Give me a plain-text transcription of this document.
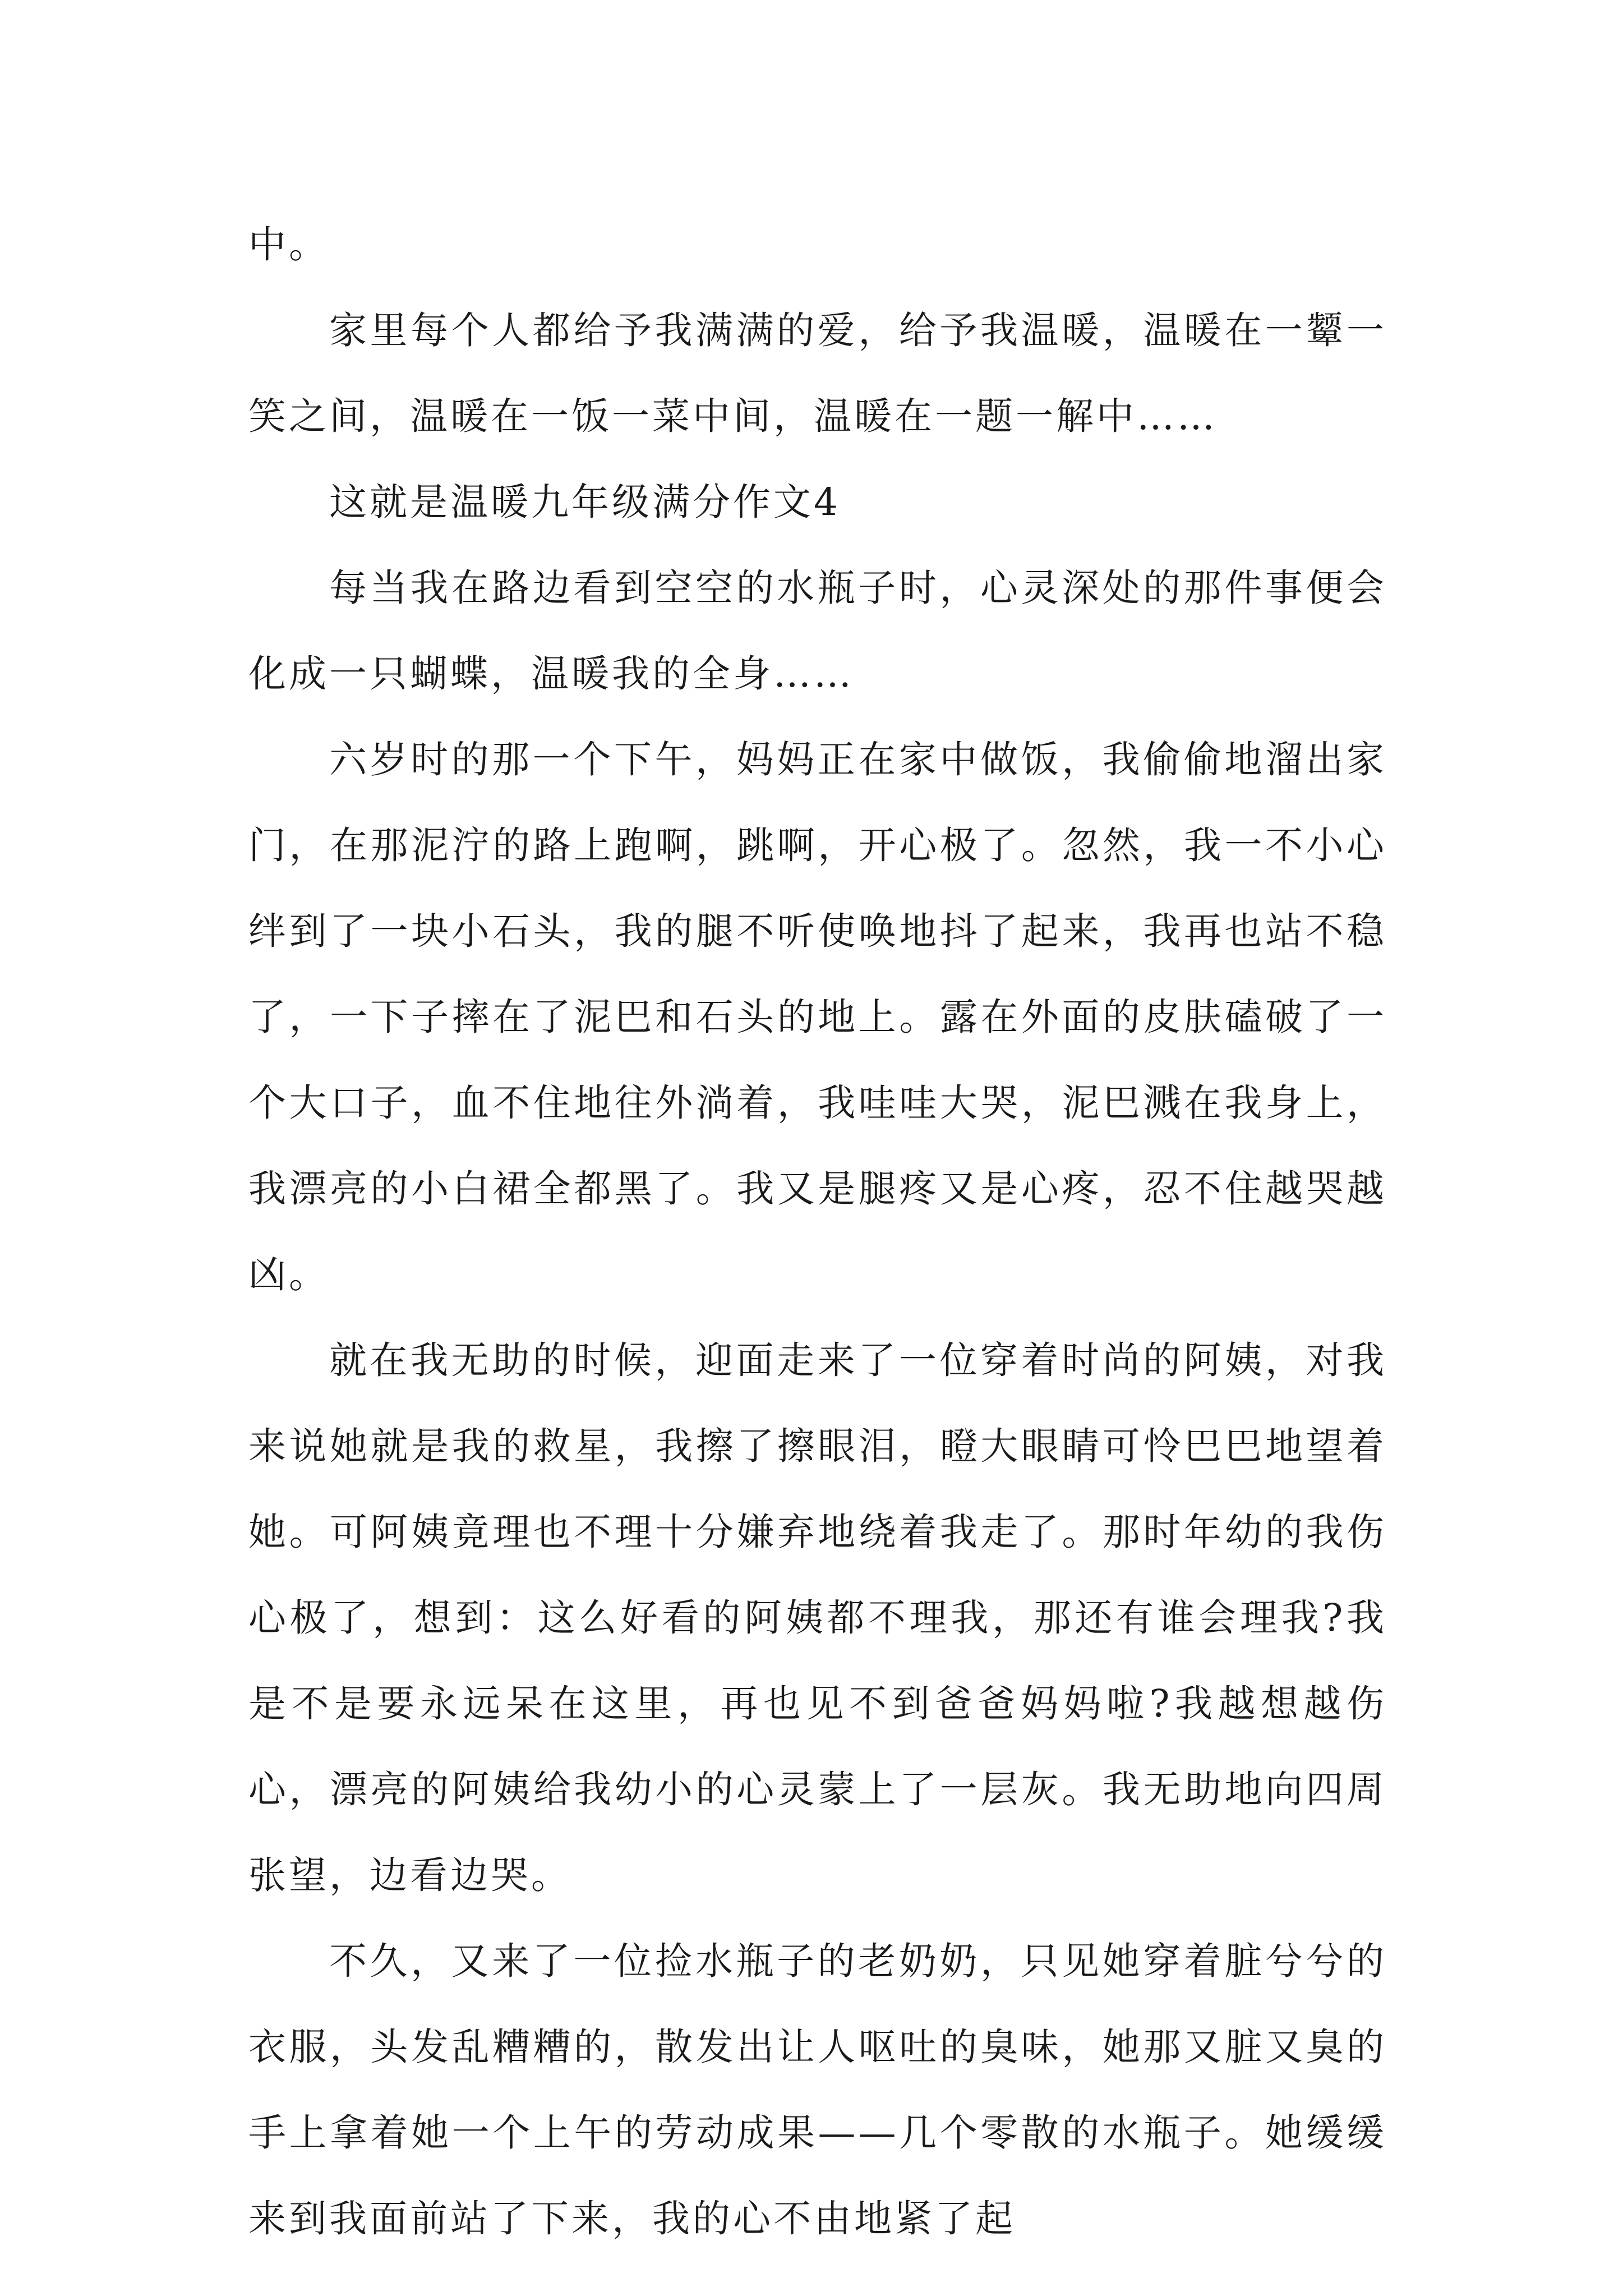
中。

家里每个人都给予我满满的爱，给予我温暖，温暖在一颦一笑之间，温暖在一饭一菜中间，温暖在一题一解中……

这就是温暖九年级满分作文4

每当我在路边看到空空的水瓶子时，心灵深处的那件事便会化成一只蝴蝶，温暖我的全身……

六岁时的那一个下午，妈妈正在家中做饭，我偷偷地溜出家门，在那泥泞的路上跑啊，跳啊，开心极了。忽然，我一不小心绊到了一块小石头，我的腿不听使唤地抖了起来，我再也站不稳了，一下子摔在了泥巴和石头的地上。露在外面的皮肤磕破了一个大口子，血不住地往外淌着，我哇哇大哭，泥巴溅在我身上，我漂亮的小白裙全都黑了。我又是腿疼又是心疼，忍不住越哭越凶。

就在我无助的时候，迎面走来了一位穿着时尚的阿姨，对我来说她就是我的救星，我擦了擦眼泪，瞪大眼睛可怜巴巴地望着她。可阿姨竟理也不理十分嫌弃地绕着我走了。那时年幼的我伤心极了，想到：这么好看的阿姨都不理我，那还有谁会理我?我是不是要永远呆在这里，再也见不到爸爸妈妈啦?我越想越伤心，漂亮的阿姨给我幼小的心灵蒙上了一层灰。我无助地向四周张望，边看边哭。

不久，又来了一位捡水瓶子的老奶奶，只见她穿着脏兮兮的衣服，头发乱糟糟的，散发出让人呕吐的臭味，她那又脏又臭的手上拿着她一个上午的劳动成果——几个零散的水瓶子。她缓缓来到我面前站了下来，我的心不由地紧了起
